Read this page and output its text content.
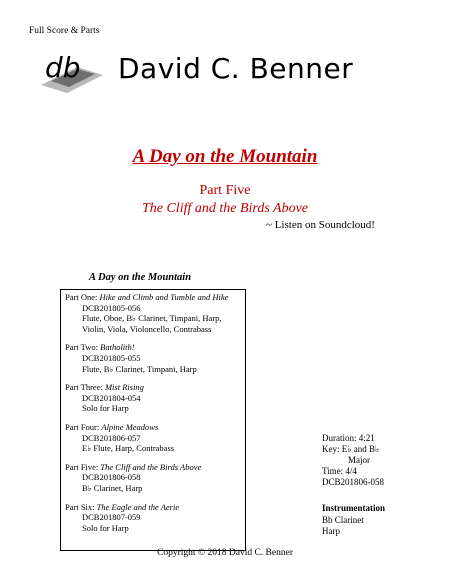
Full Score & Parts
db David C. Benner
A Day on the Mountain
Part Five
The Cliff and the Birds Above
~ Listen on Soundcloud!
A Day on the Mountain
Part One: Hike and Climb and Tumble and Hike
DCB201805-056
Flute, Oboe, B♭ Clarinet, Timpani, Harp,
Violin, Viola, Violoncello, Contrabass
Part Two: Batholith!
DCB201805-055
Flute, B♭ Clarinet, Timpani, Harp
Part Three: Mist Rising
DCB201804-054
Solo for Harp
Part Four: Alpine Meadows
DCB201806-057
E♭ Flute, Harp, Contrabass
Part Five: The Cliff and the Birds Above
DCB201806-058
B♭ Clarinet, Harp
Part Six: The Eagle and the Aerie
DCB201807-059
Solo for Harp
Duration: 4:21
Key: E♭ and B♭
Major
Time: 4/4
DCB201806-058
Instrumentation
Bb Clarinet
Harp
Copyright © 2018 David C. Benner
